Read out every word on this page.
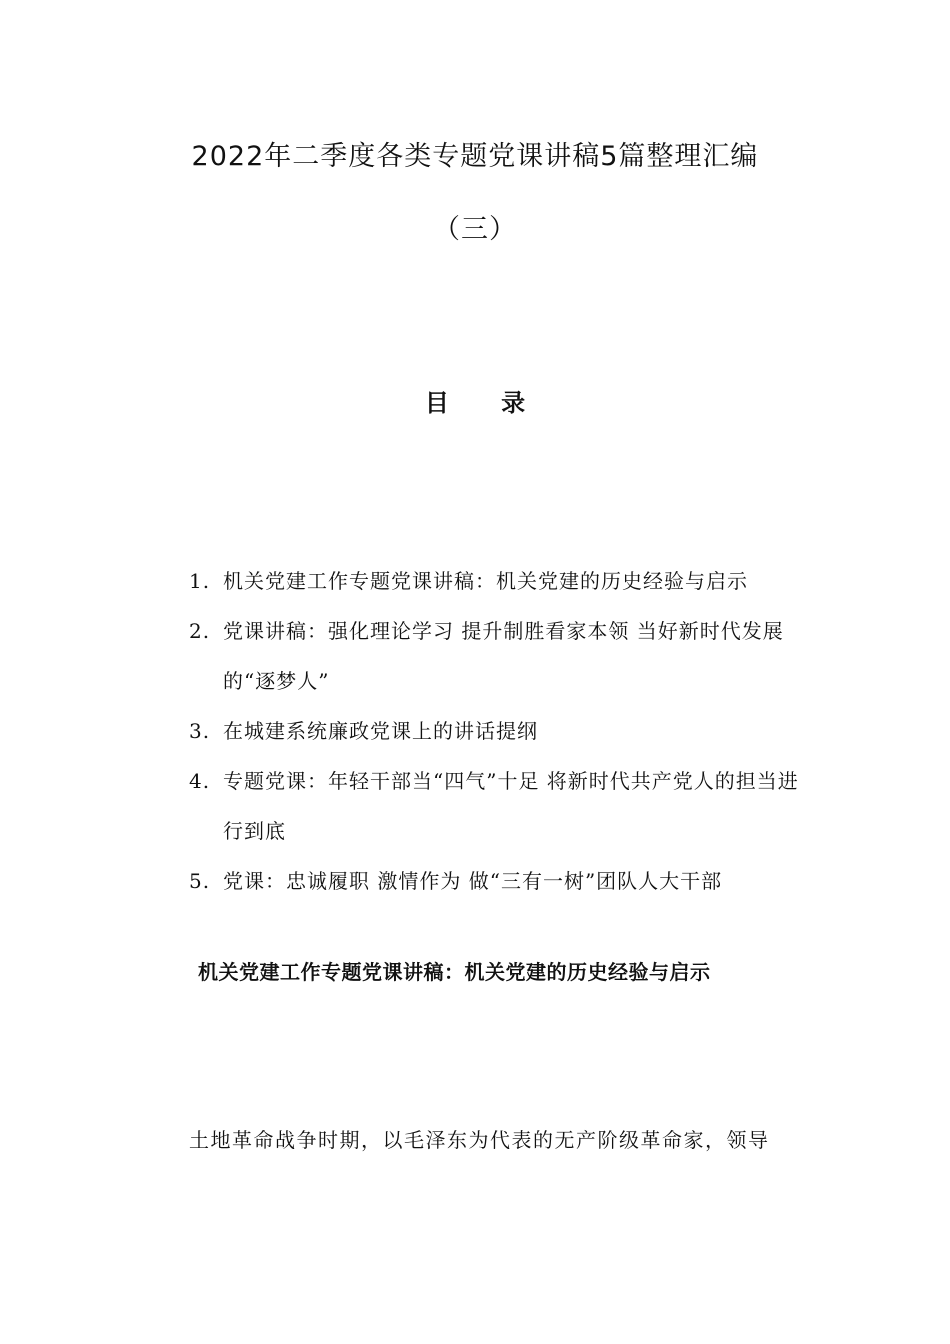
2022年二季度各类专题党课讲稿5篇整理汇编
（三）
目 录
1. 机关党建工作专题党课讲稿：机关党建的历史经验与启示
2. 党课讲稿：强化理论学习 提升制胜看家本领 当好新时代发展的“逐梦人”
3. 在城建系统廉政党课上的讲话提纲
4. 专题党课：年轻干部当“四气”十足 将新时代共产党人的担当进行到底
5. 党课：忠诚履职 激情作为 做“三有一树”团队人大干部
机关党建工作专题党课讲稿：机关党建的历史经验与启示
土地革命战争时期，以毛泽东为代表的无产阶级革命家，领导
